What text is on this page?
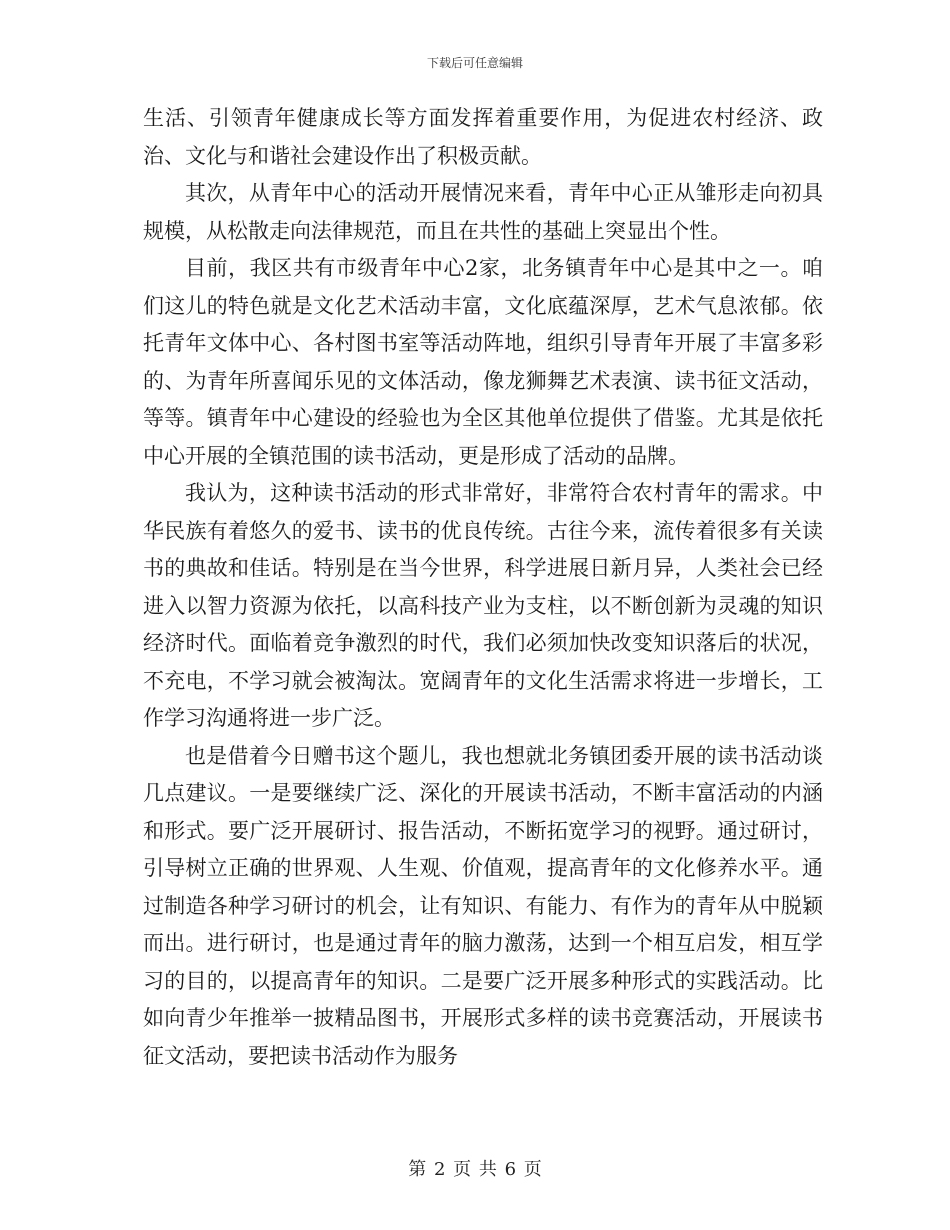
下载后可任意编辑

生活、引领青年健康成长等方面发挥着重要作用，为促进农村经济、政治、文化与和谐社会建设作出了积极贡献。

其次，从青年中心的活动开展情况来看，青年中心正从雏形走向初具规模，从松散走向法律规范，而且在共性的基础上突显出个性。

目前，我区共有市级青年中心2家，北务镇青年中心是其中之一。咱们这儿的特色就是文化艺术活动丰富，文化底蕴深厚，艺术气息浓郁。依托青年文体中心、各村图书室等活动阵地，组织引导青年开展了丰富多彩的、为青年所喜闻乐见的文体活动，像龙狮舞艺术表演、读书征文活动，等等。镇青年中心建设的经验也为全区其他单位提供了借鉴。尤其是依托中心开展的全镇范围的读书活动，更是形成了活动的品牌。

我认为，这种读书活动的形式非常好，非常符合农村青年的需求。中华民族有着悠久的爱书、读书的优良传统。古往今来，流传着很多有关读书的典故和佳话。特别是在当今世界，科学进展日新月异，人类社会已经进入以智力资源为依托，以高科技产业为支柱，以不断创新为灵魂的知识经济时代。面临着竞争激烈的时代，我们必须加快改变知识落后的状况，不充电，不学习就会被淘汰。宽阔青年的文化生活需求将进一步增长，工作学习沟通将进一步广泛。

也是借着今日赠书这个题儿，我也想就北务镇团委开展的读书活动谈几点建议。一是要继续广泛、深化的开展读书活动，不断丰富活动的内涵和形式。要广泛开展研讨、报告活动，不断拓宽学习的视野。通过研讨，引导树立正确的世界观、人生观、价值观，提高青年的文化修养水平。通过制造各种学习研讨的机会，让有知识、有能力、有作为的青年从中脱颖而出。进行研讨，也是通过青年的脑力激荡，达到一个相互启发，相互学习的目的，以提高青年的知识。二是要广泛开展多种形式的实践活动。比如向青少年推举一披精品图书，开展形式多样的读书竞赛活动，开展读书征文活动，要把读书活动作为服务

第 2 页 共 6 页
